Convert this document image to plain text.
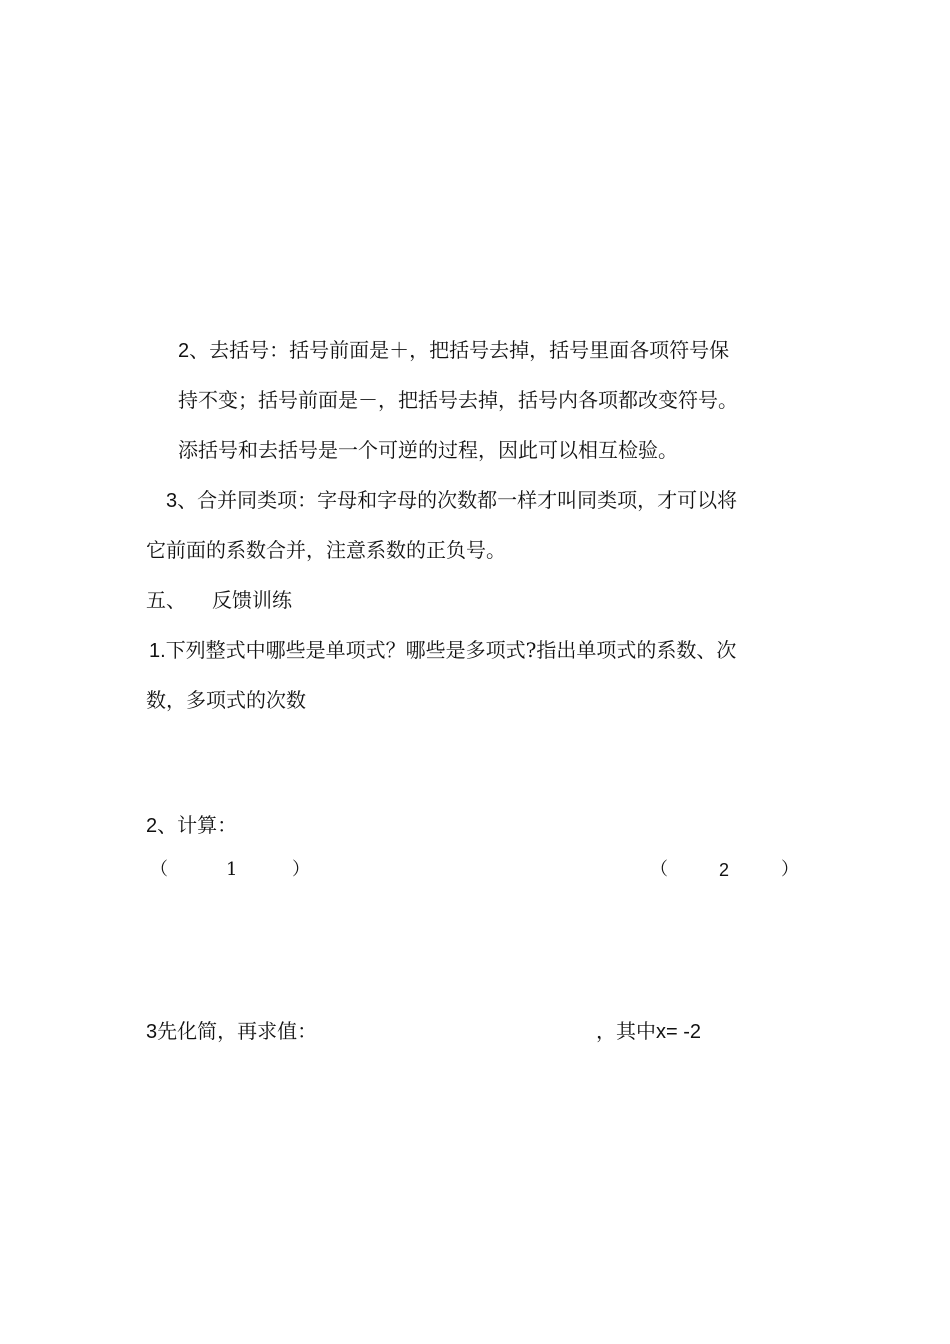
2、去括号：括号前面是＋，把括号去掉，括号里面各项符号保
持不变；括号前面是－，把括号去掉，括号内各项都改变符号。
添括号和去括号是一个可逆的过程，因此可以相互检验。
3、合并同类项：字母和字母的次数都一样才叫同类项，才可以将
它前面的系数合并，注意系数的正负号。
五、 反馈训练
1.下列整式中哪些是单项式？哪些是多项式?指出单项式的系数、次
数，多项式的次数
2、计算：
（	1	）	（	2	）
3先化简，再求值：	，其中x= -2
